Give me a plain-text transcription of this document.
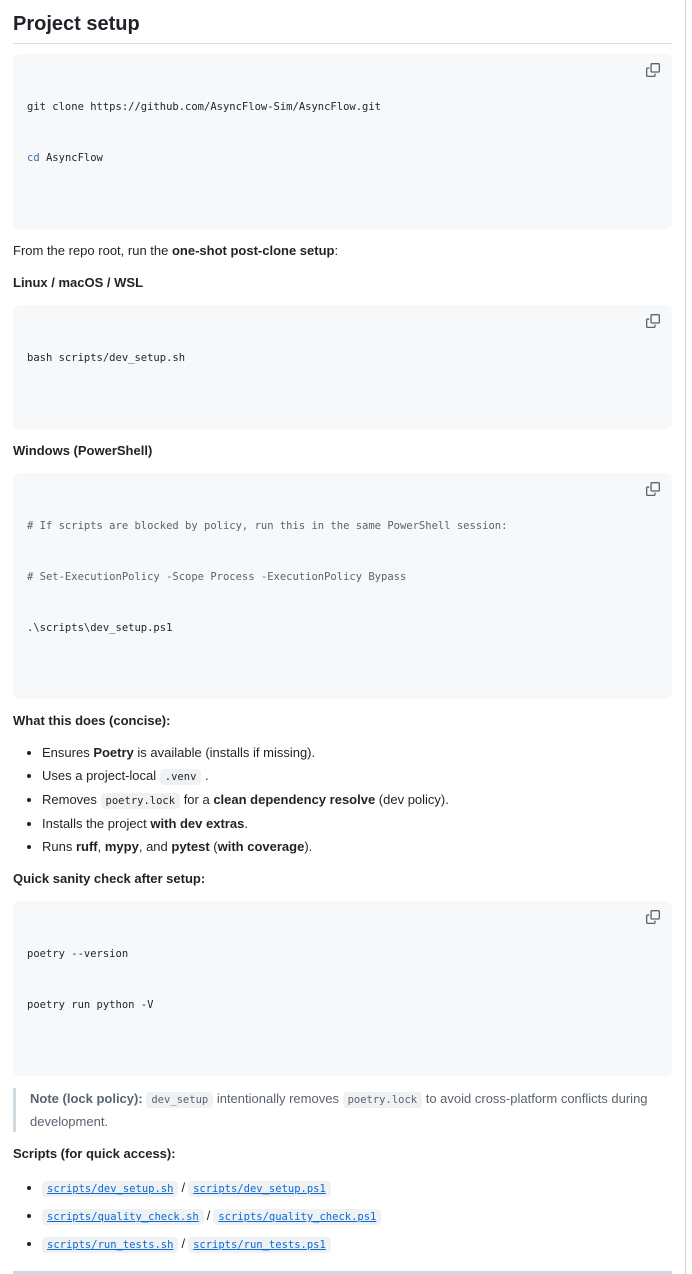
Project setup

git clone https://github.com/AsyncFlow-Sim/AsyncFlow.git

cd AsyncFlow

From the repo root, run the one-shot post-clone setup:

Linux / macOS / WSL

bash scripts/dev_setup.sh

Windows (PowerShell)

# If scripts are blocked by policy, run this in the same PowerShell session:

# Set-ExecutionPolicy -Scope Process -ExecutionPolicy Bypass

.\scripts\dev_setup.ps1

What this does (concise):
• Ensures Poetry is available (installs if missing).
• Uses a project-local .venv .
• Removes poetry.lock for a clean dependency resolve (dev policy).
• Installs the project with dev extras.
• Runs ruff, mypy, and pytest (with coverage).
Quick sanity check after setup:

poetry --version

poetry run python -V

Note (lock policy): dev_setup intentionally removes poetry.lock to avoid cross-platform conflicts during development.
Scripts (for quick access):
• scripts/dev_setup.sh / scripts/dev_setup.ps1
• scripts/quality_check.sh / scripts/quality_check.ps1
• scripts/run_tests.sh / scripts/run_tests.ps1
